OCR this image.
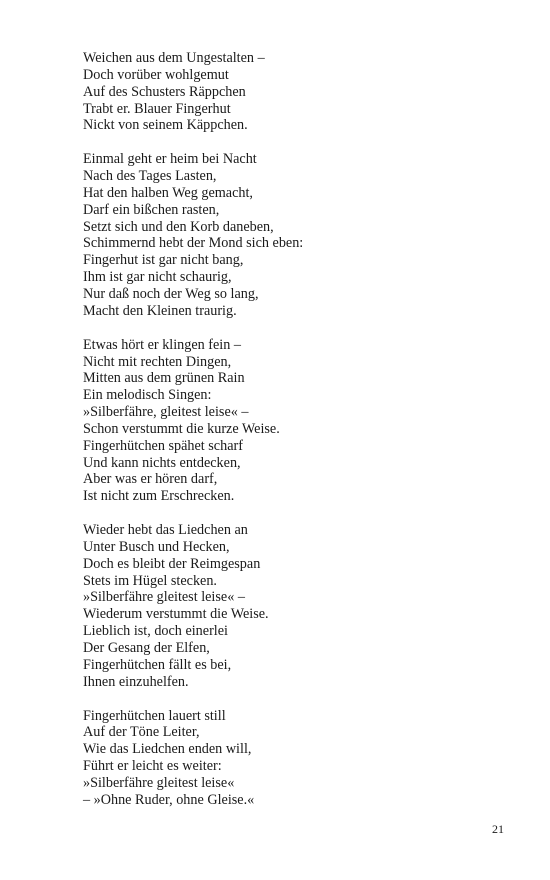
Weichen aus dem Ungestalten –
Doch vorüber wohlgemut
Auf des Schusters Räppchen
Trabt er. Blauer Fingerhut
Nickt von seinem Käppchen.
Einmal geht er heim bei Nacht
Nach des Tages Lasten,
Hat den halben Weg gemacht,
Darf ein bißchen rasten,
Setzt sich und den Korb daneben,
Schimmernd hebt der Mond sich eben:
Fingerhut ist gar nicht bang,
Ihm ist gar nicht schaurig,
Nur daß noch der Weg so lang,
Macht den Kleinen traurig.
Etwas hört er klingen fein –
Nicht mit rechten Dingen,
Mitten aus dem grünen Rain
Ein melodisch Singen:
»Silberfähre, gleitest leise« –
Schon verstummt die kurze Weise.
Fingerhütchen spähet scharf
Und kann nichts entdecken,
Aber was er hören darf,
Ist nicht zum Erschrecken.
Wieder hebt das Liedchen an
Unter Busch und Hecken,
Doch es bleibt der Reimgespan
Stets im Hügel stecken.
»Silberfähre gleitest leise« –
Wiederum verstummt die Weise.
Lieblich ist, doch einerlei
Der Gesang der Elfen,
Fingerhütchen fällt es bei,
Ihnen einzuhelfen.
Fingerhütchen lauert still
Auf der Töne Leiter,
Wie das Liedchen enden will,
Führt er leicht es weiter:
»Silberfähre gleitest leise«
– »Ohne Ruder, ohne Gleise.«
21
